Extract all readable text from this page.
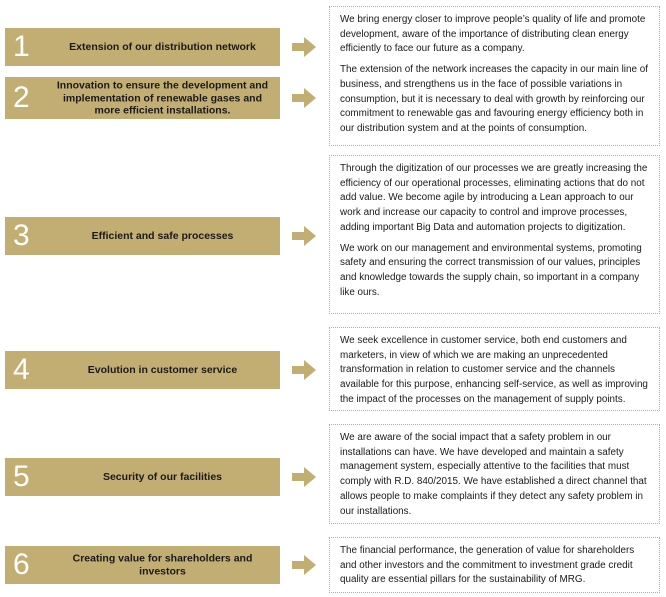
1	Extension of our distribution network

We bring energy closer to improve people’s quality of life and promote development, aware of the importance of distributing clean energy efficiently to face our future as a company.

The extension of the network increases the capacity in our main line of business, and strengthens us in the face of possible variations in consumption, but it is necessary to deal with growth by reinforcing our commitment to renewable gas and favouring energy efficiency both in our distribution system and at the points of consumption.

2	Innovation to ensure the development and implementation of renewable gases and more efficient installations.
3	Efficient and safe processes

Through the digitization of our processes we are greatly increasing the efficiency of our operational processes, eliminating actions that do not add value. We become agile by introducing a Lean approach to our work and increase our capacity to control and improve processes, adding important Big Data and automation projects to digitization.

We work on our management and environmental systems, promoting safety and ensuring the correct transmission of our values, principles and knowledge towards the supply chain, so important in a company like ours.

4	Evolution in customer service

We seek excellence in customer service, both end customers and marketers, in view of which we are making an unprecedented transformation in relation to customer service and the channels available for this purpose, enhancing self-service, as well as improving the impact of the processes on the management of supply points.

5	Security of our facilities

We are aware of the social impact that a safety problem in our installations can have. We have developed and maintain a safety management system, especially attentive to the facilities that must comply with R.D. 840/2015. We have established a direct channel that allows people to make complaints if they detect any safety problem in our installations.

6	Creating value for shareholders and investors

The financial performance, the generation of value for shareholders and other investors and the commitment to investment grade credit quality are essential pillars for the sustainability of MRG.
